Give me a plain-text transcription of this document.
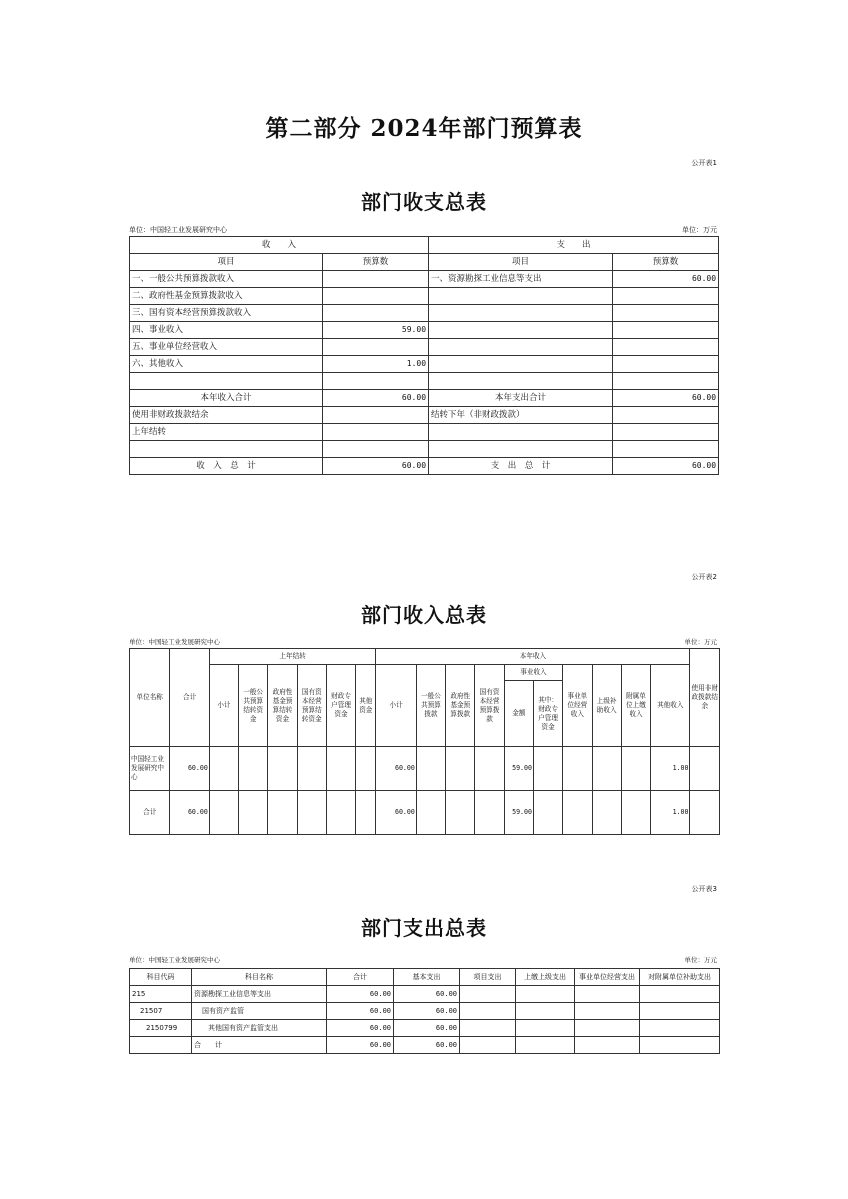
第二部分 2024年部门预算表
公开表1
部门收支总表
单位：中国轻工业发展研究中心	单位：万元
收　　入		支　　出	
项目	预算数	项目	预算数
一、一般公共预算拨款收入		一、资源勘探工业信息等支出	60.00
二、政府性基金预算拨款收入			
三、国有资本经营预算拨款收入			
四、事业收入	59.00		
五、事业单位经营收入			
六、其他收入	1.00		

本年收入合计	60.00	本年支出合计	60.00
使用非财政拨款结余		结转下年（非财政拨款）	
上年结转			

收　入　总　计	60.00	支　出　总　计	60.00
公开表2
部门收入总表
单位：中国轻工业发展研究中心	单位：万元
单位名称	合计	上年结转						本年收入										使用非财政拨款结余
		小计	一般公共预算结转资金	政府性基金预算结转资金	国有资本经营预算结转资金	财政专户管理资金	其他资金	小计	一般公共预算拨款	政府性基金预算拨款	国有资本经营预算拨款	事业收入		事业单位经营收入	上级补助收入	附属单位上缴收入	其他收入	
												金额	其中：财政专户管理资金					
中国轻工业发展研究中心	60.00							60.00				59.00					1.00	
合计	60.00							60.00				59.00					1.00	
公开表3
部门支出总表
单位：中国轻工业发展研究中心	单位：万元
科目代码	科目名称	合计	基本支出	项目支出	上缴上级支出	事业单位经营支出	对附属单位补助支出
215	资源勘探工业信息等支出	60.00	60.00				
21507	国有资产监管	60.00	60.00				
2150799	其他国有资产监管支出	60.00	60.00				
	合　　计	60.00	60.00				
